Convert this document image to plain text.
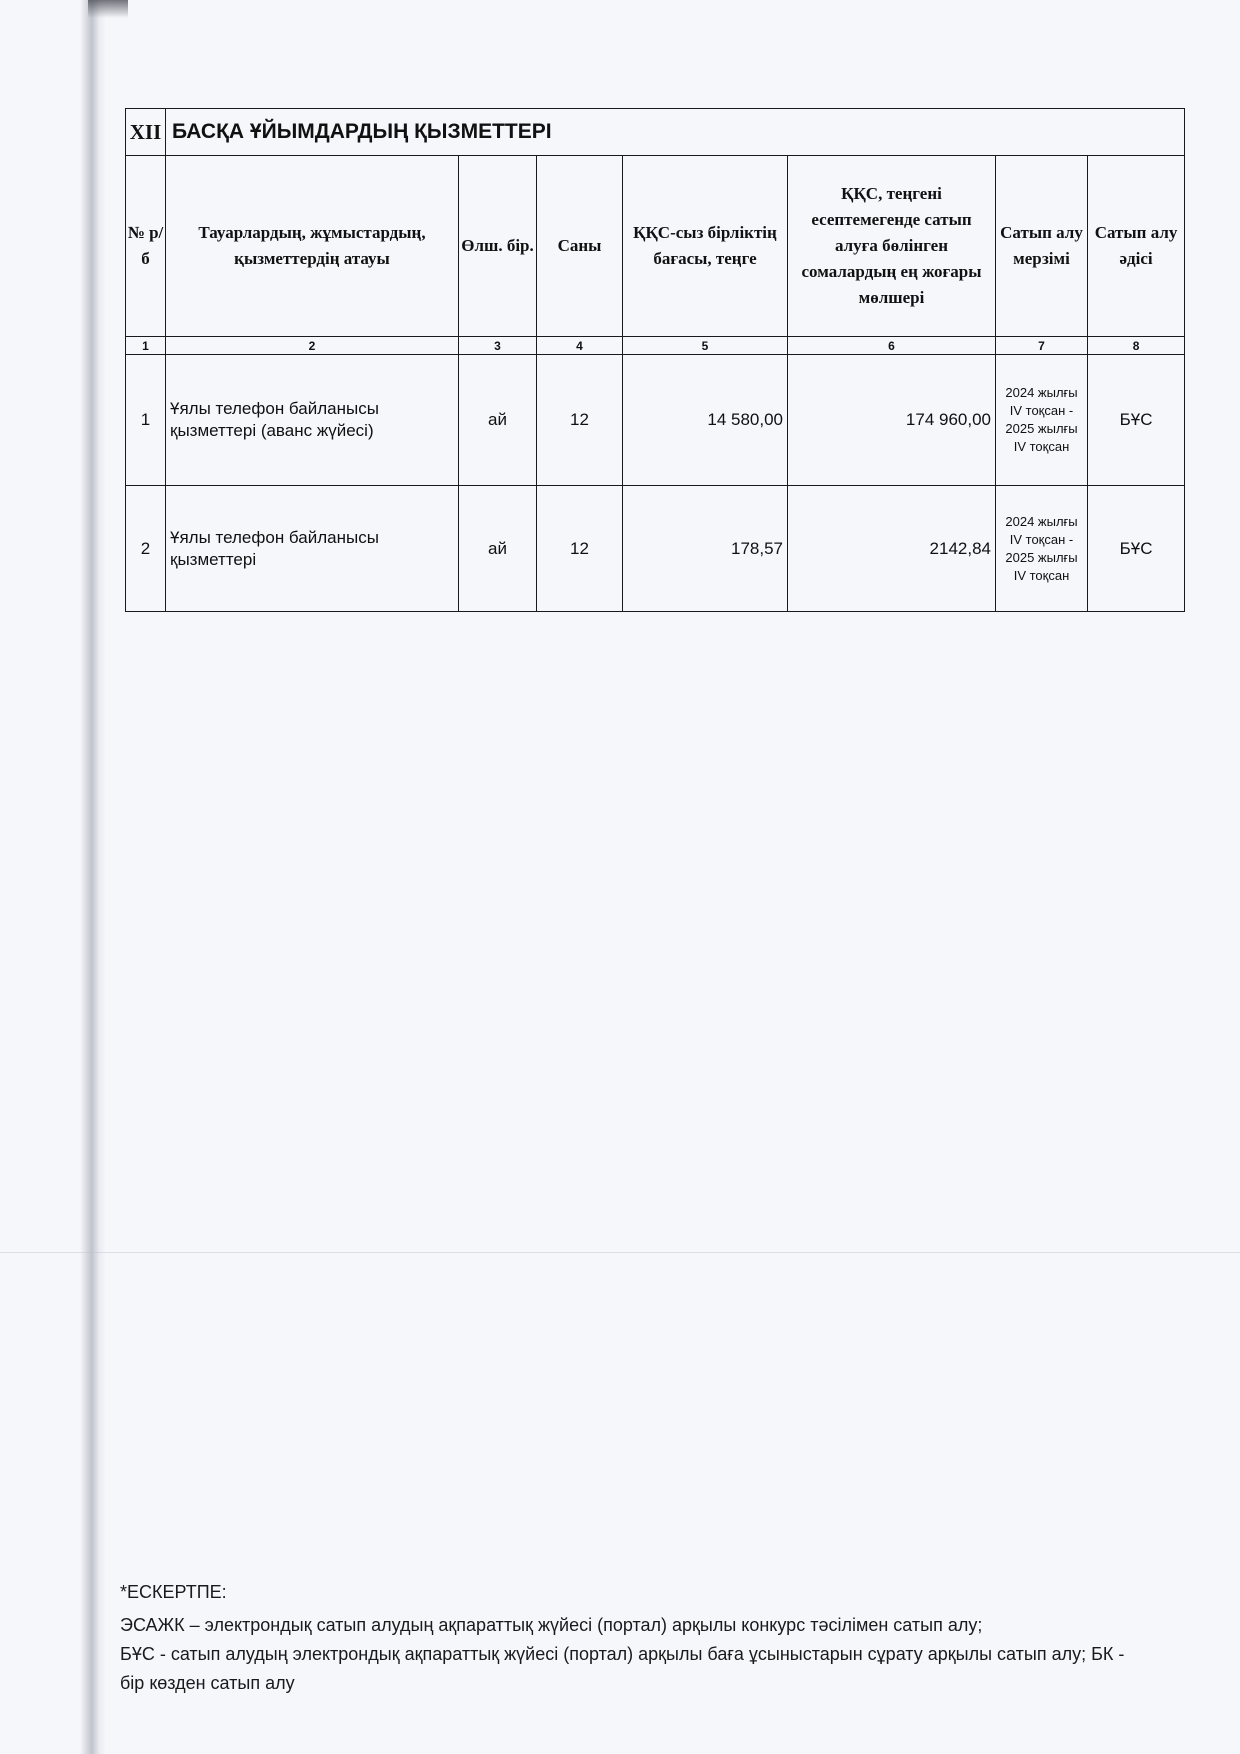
XII	БАСҚА ҰЙЫМДАРДЫҢ ҚЫЗМЕТТЕРІ						
№ р/б	Тауарлардың, жұмыстардың, қызметтердің атауы	Өлш. бір.	Саны	ҚҚС-сыз бірліктің бағасы, теңге	ҚҚС, теңгені есептемегенде сатып алуға бөлінген сомалардың ең жоғары мөлшері	Сатып алу мерзімі	Сатып алу әдісі
1	2	3	4	5	6	7	8
1	Ұялы телефон байланысы қызметтері (аванс жүйесі)	ай	12	14 580,00	174 960,00	2024 жылғы IV тоқсан - 2025 жылғы IV тоқсан	БҰС
2	Ұялы телефон байланысы қызметтері	ай	12	178,57	2142,84	2024 жылғы IV тоқсан - 2025 жылғы IV тоқсан	БҰС

*ЕСКЕРТПЕ:

ЭСАЖК – электрондық сатып алудың ақпараттық жүйесі (портал) арқылы конкурс тәсілімен сатып алу;

БҰС - сатып алудың электрондық ақпараттық жүйесі (портал) арқылы баға ұсыныстарын сұрату арқылы сатып алу; БК - бір көзден сатып алу
